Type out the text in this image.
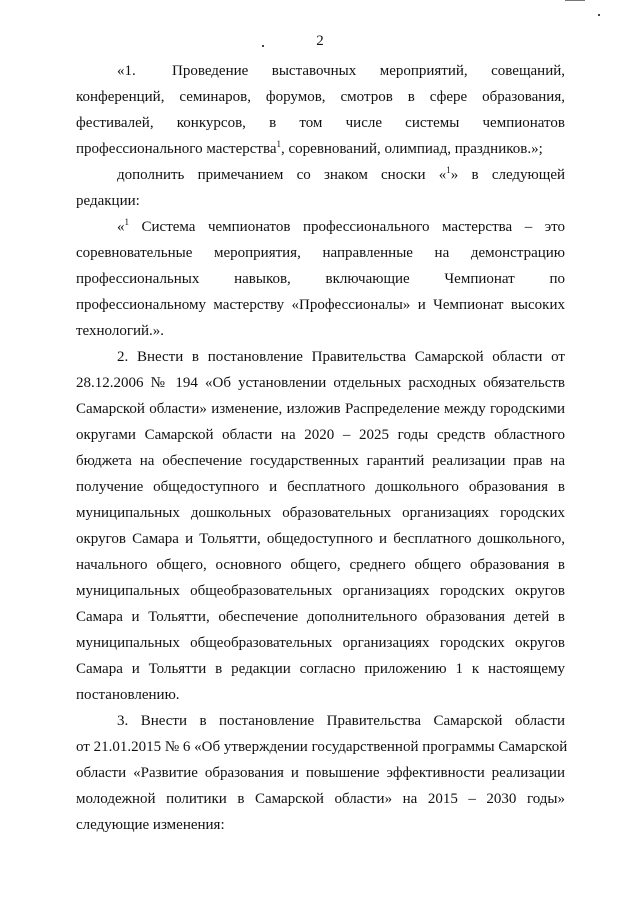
2
«1.	Проведение выставочных мероприятий, совещаний,
конференций, семинаров, форумов, смотров в сфере образования,
фестивалей, конкурсов, в том числе системы чемпионатов
профессионального мастерства$^1$, соревнований, олимпиад, праздников.»;
дополнить примечанием со знаком сноски «$^1$» в следующей
редакции:
«$^1$ Система чемпионатов профессионального мастерства – это
соревновательные мероприятия, направленные на демонстрацию
профессиональных навыков, включающие Чемпионат по
профессиональному мастерству «Профессионалы» и Чемпионат высоких
технологий.».
2. Внести в постановление Правительства Самарской области от
28.12.2006 № 194 «Об установлении отдельных расходных обязательств
Самарской области» изменение, изложив Распределение между городскими
округами Самарской области на 2020 – 2025 годы средств областного
бюджета на обеспечение государственных гарантий реализации прав на
получение общедоступного и бесплатного дошкольного образования в
муниципальных дошкольных образовательных организациях городских
округов Самара и Тольятти, общедоступного и бесплатного дошкольного,
начального общего, основного общего, среднего общего образования в
муниципальных общеобразовательных организациях городских округов
Самара и Тольятти, обеспечение дополнительного образования детей в
муниципальных общеобразовательных организациях городских округов
Самара и Тольятти в редакции согласно приложению 1 к настоящему
постановлению.
3. Внести в постановление Правительства Самарской области
от 21.01.2015 № 6 «Об утверждении государственной программы Самарской
области «Развитие образования и повышение эффективности реализации
молодежной политики в Самарской области» на 2015 – 2030 годы»
следующие изменения:
